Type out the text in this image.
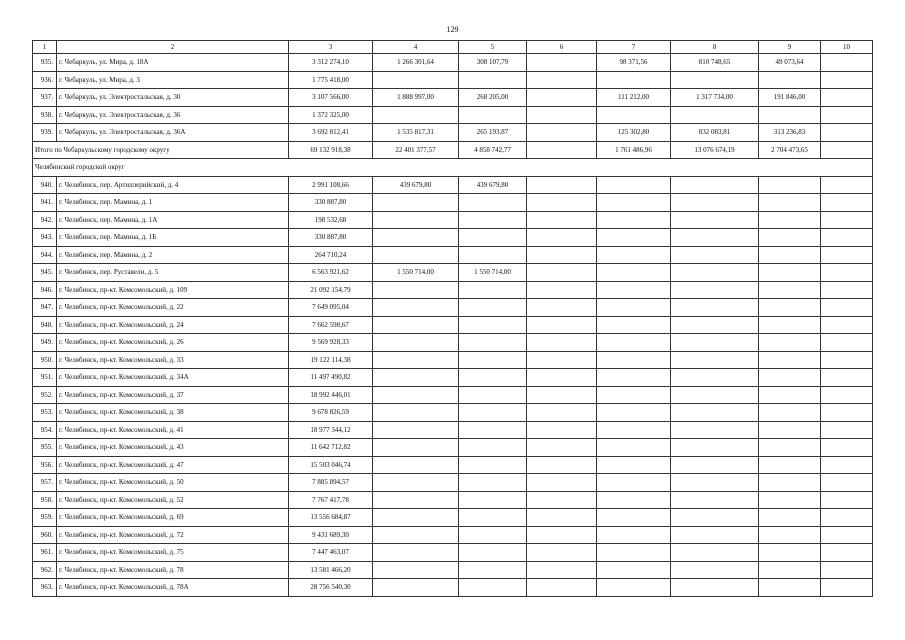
129
1	2	3	4	5	6	7	8	9	10
935.	г. Чебаркуль, ул. Мира, д. 18А	3 312 274,10	1 266 301,64	308 107,79		98 371,56	810 748,65	49 073,64	
936.	г. Чебаркуль, ул. Мира, д. 3	1 775 418,00							
937.	г. Чебаркуль, ул. Электростальская, д. 30	3 107 566,00	1 888 997,00	268 205,00		111 212,00	1 317 734,00	191 846,00	
938.	г. Чебаркуль, ул. Электростальская, д. 36	1 372 325,00							
939.	г. Чебаркуль, ул. Электростальская, д. 36А	3 692 812,41	1 535 817,31	265 193,87		125 302,80	832 083,81	313 236,83	
Итого по Чебаркульскому городскому округу		69 132 918,38	22 401 377,57	4 858 742,77		1 761 486,96	13 076 674,19	2 704 473,65	
Челябинский городской округ									
940.	г. Челябинск, пер. Артиллерийский, д. 4	2 991 108,66	439 679,80	439 679,80					
941.	г. Челябинск, пер. Мамина, д. 1	330 887,80							
942.	г. Челябинск, пер. Мамина, д. 1А	198 532,68							
943.	г. Челябинск, пер. Мамина, д. 1Б	330 887,80							
944.	г. Челябинск, пер. Мамина, д. 2	264 710,24							
945.	г. Челябинск, пер. Руставели, д. 5	6 563 921,62	1 550 714,00	1 550 714,00					
946.	г. Челябинск, пр-кт. Комсомольский, д. 109	21 092 154,79							
947.	г. Челябинск, пр-кт. Комсомольский, д. 22	7 649 095,04							
948.	г. Челябинск, пр-кт. Комсомольский, д. 24	7 662 598,67							
949.	г. Челябинск, пр-кт. Комсомольский, д. 26	9 569 928,33							
950.	г. Челябинск, пр-кт. Комсомольский, д. 33	19 122 114,38							
951.	г. Челябинск, пр-кт. Комсомольский, д. 34А	11 497 490,82							
952.	г. Челябинск, пр-кт. Комсомольский, д. 37	18 992 446,01							
953.	г. Челябинск, пр-кт. Комсомольский, д. 38	9 678 826,59							
954.	г. Челябинск, пр-кт. Комсомольский, д. 41	18 977 344,12							
955.	г. Челябинск, пр-кт. Комсомольский, д. 43	11 642 712,82							
956.	г. Челябинск, пр-кт. Комсомольский, д. 47	15 503 046,74							
957.	г. Челябинск, пр-кт. Комсомольский, д. 50	7 885 894,57							
958.	г. Челябинск, пр-кт. Комсомольский, д. 52	7 767 417,78							
959.	г. Челябинск, пр-кт. Комсомольский, д. 69	13 556 684,87							
960.	г. Челябинск, пр-кт. Комсомольский, д. 72	9 431 689,30							
961.	г. Челябинск, пр-кт. Комсомольский, д. 75	7 447 463,07							
962.	г. Челябинск, пр-кт. Комсомольский, д. 78	13 581 466,20							
963.	г. Челябинск, пр-кт. Комсомольский, д. 78А	28 756 540,30							
